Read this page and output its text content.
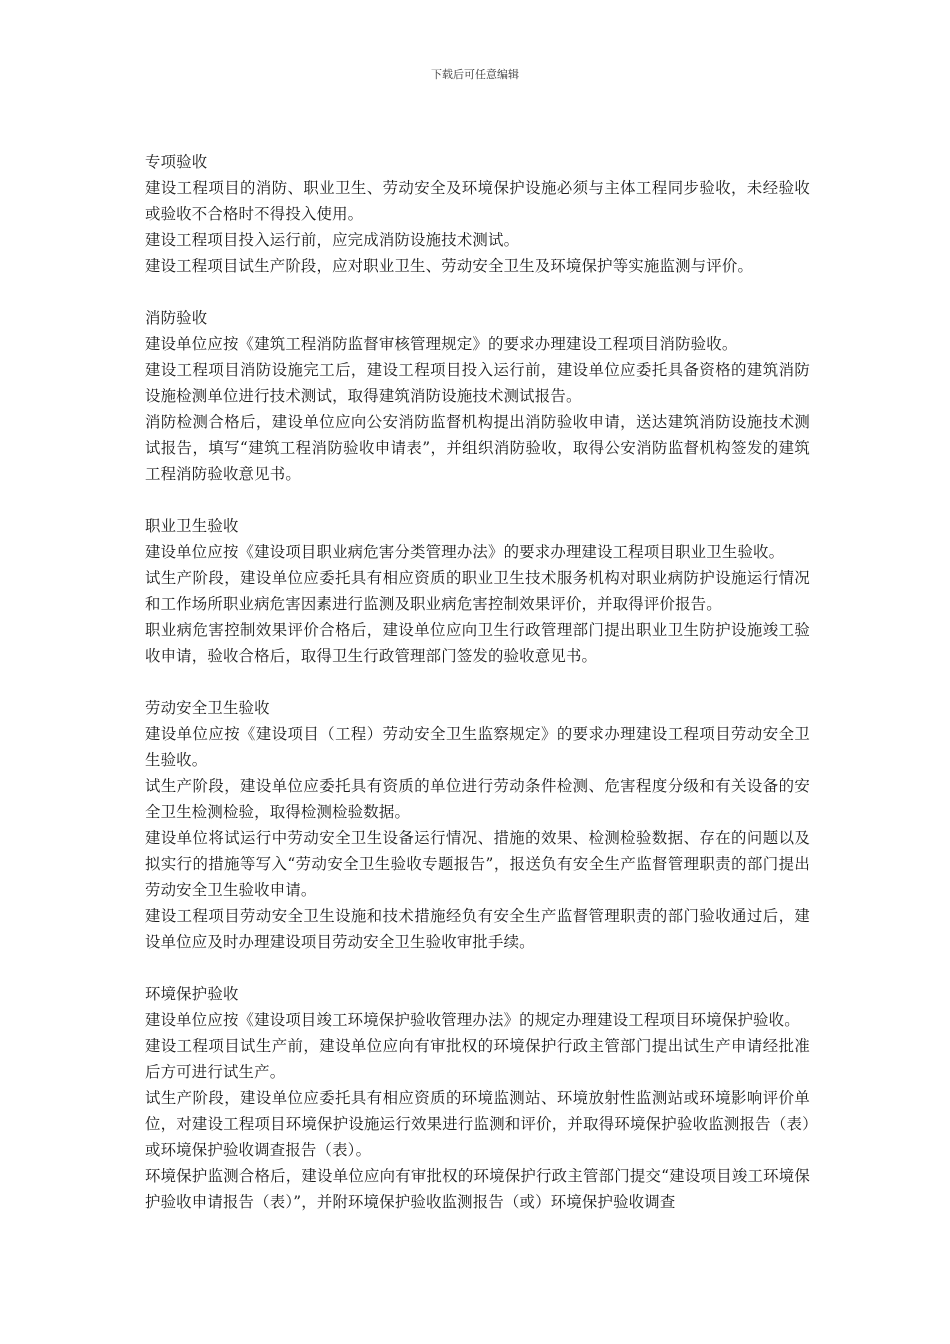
下载后可任意编辑

专项验收

建设工程项目的消防、职业卫生、劳动安全及环境保护设施必须与主体工程同步验收，未经验收或验收不合格时不得投入使用。

建设工程项目投入运行前，应完成消防设施技术测试。

建设工程项目试生产阶段，应对职业卫生、劳动安全卫生及环境保护等实施监测与评价。

消防验收

建设单位应按《建筑工程消防监督审核管理规定》的要求办理建设工程项目消防验收。

建设工程项目消防设施完工后，建设工程项目投入运行前，建设单位应委托具备资格的建筑消防设施检测单位进行技术测试，取得建筑消防设施技术测试报告。

消防检测合格后，建设单位应向公安消防监督机构提出消防验收申请，送达建筑消防设施技术测试报告，填写“建筑工程消防验收申请表”，并组织消防验收，取得公安消防监督机构签发的建筑工程消防验收意见书。

职业卫生验收

建设单位应按《建设项目职业病危害分类管理办法》的要求办理建设工程项目职业卫生验收。

试生产阶段，建设单位应委托具有相应资质的职业卫生技术服务机构对职业病防护设施运行情况和工作场所职业病危害因素进行监测及职业病危害控制效果评价，并取得评价报告。

职业病危害控制效果评价合格后，建设单位应向卫生行政管理部门提出职业卫生防护设施竣工验收申请，验收合格后，取得卫生行政管理部门签发的验收意见书。

劳动安全卫生验收

建设单位应按《建设项目（工程）劳动安全卫生监察规定》的要求办理建设工程项目劳动安全卫生验收。

试生产阶段，建设单位应委托具有资质的单位进行劳动条件检测、危害程度分级和有关设备的安全卫生检测检验，取得检测检验数据。

建设单位将试运行中劳动安全卫生设备运行情况、措施的效果、检测检验数据、存在的问题以及拟实行的措施等写入“劳动安全卫生验收专题报告”，报送负有安全生产监督管理职责的部门提出劳动安全卫生验收申请。

建设工程项目劳动安全卫生设施和技术措施经负有安全生产监督管理职责的部门验收通过后，建设单位应及时办理建设项目劳动安全卫生验收审批手续。

环境保护验收

建设单位应按《建设项目竣工环境保护验收管理办法》的规定办理建设工程项目环境保护验收。

建设工程项目试生产前，建设单位应向有审批权的环境保护行政主管部门提出试生产申请经批准后方可进行试生产。

试生产阶段，建设单位应委托具有相应资质的环境监测站、环境放射性监测站或环境影响评价单位，对建设工程项目环境保护设施运行效果进行监测和评价，并取得环境保护验收监测报告（表）或环境保护验收调查报告（表）。

环境保护监测合格后，建设单位应向有审批权的环境保护行政主管部门提交“建设项目竣工环境保护验收申请报告（表）”，并附环境保护验收监测报告（或）环境保护验收调查
